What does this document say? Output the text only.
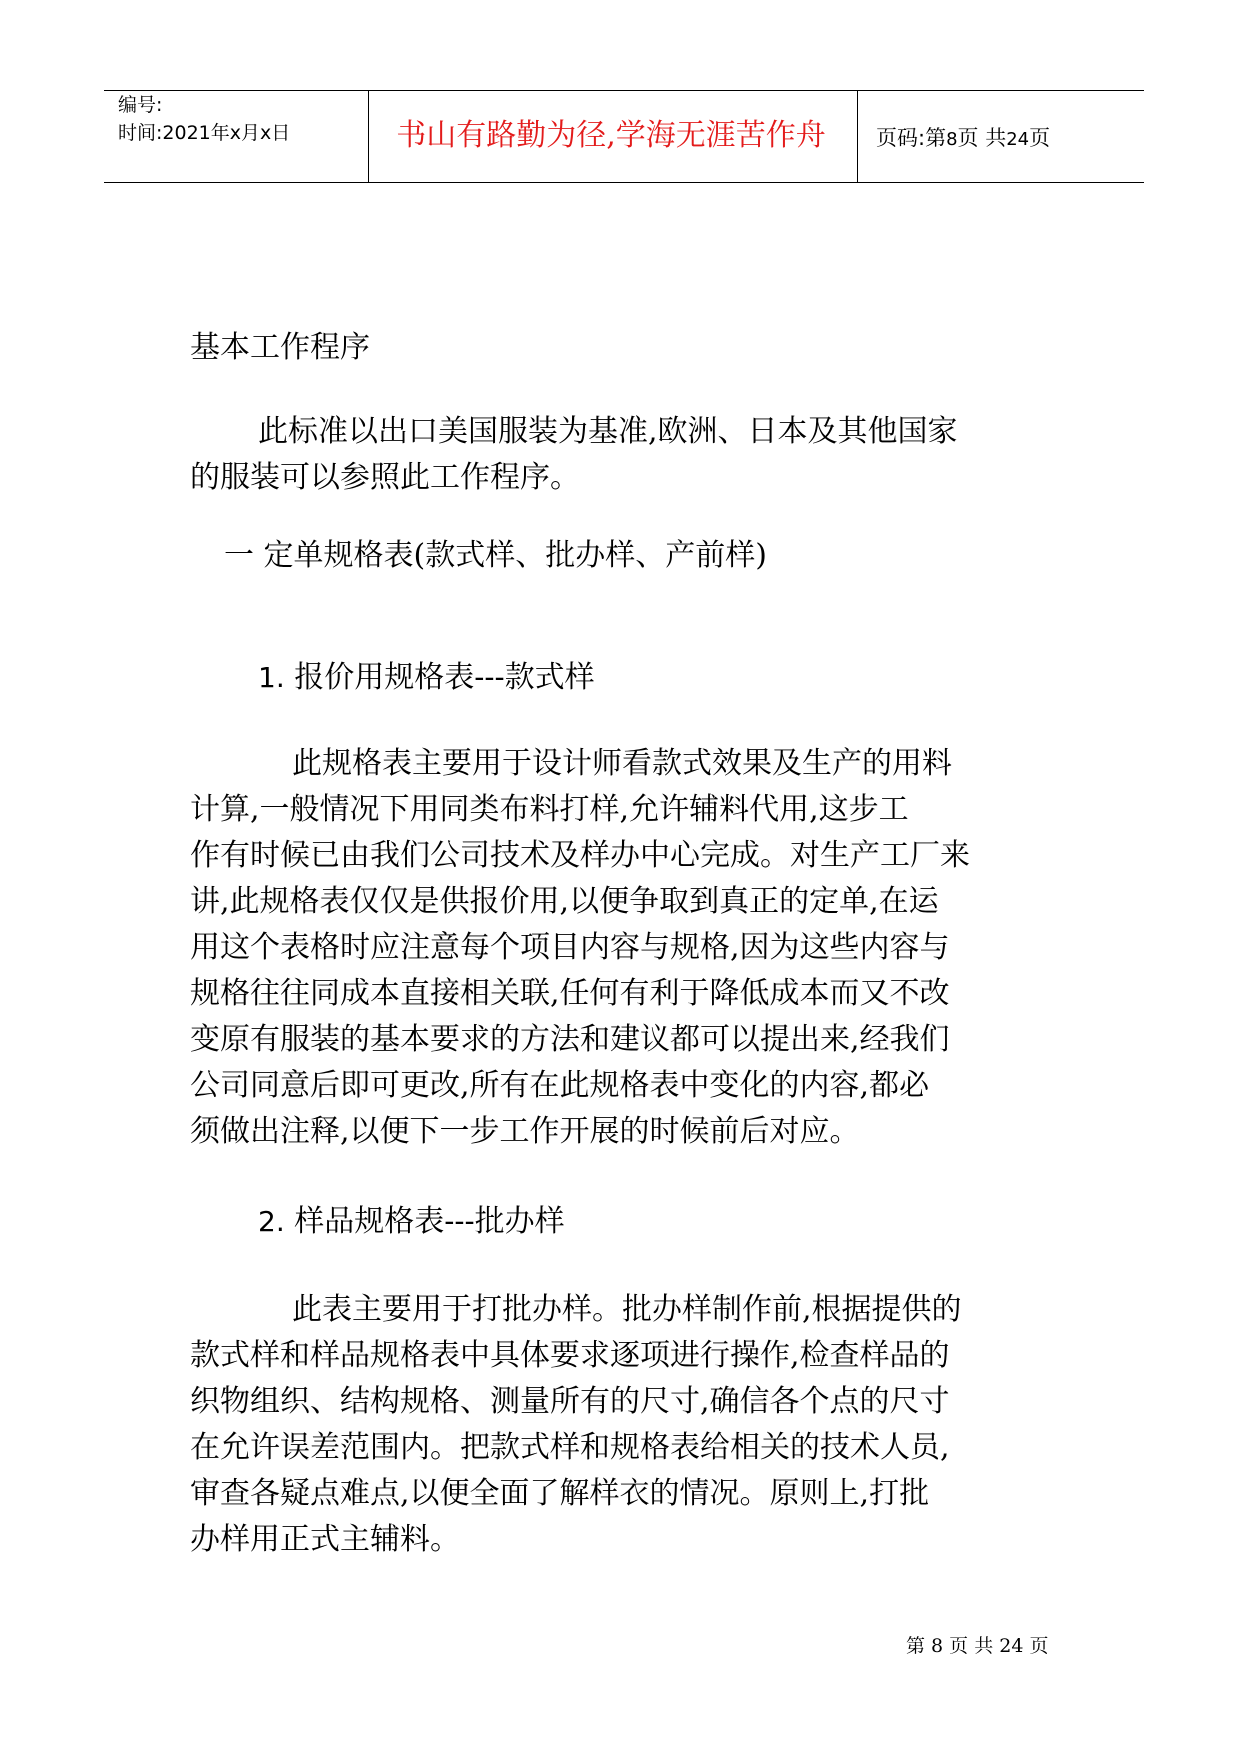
编号:
时间:2021年x月x日	书山有路勤为径,学海无涯苦作舟	页码:第8页 共24页
基本工作程序

此标准以出口美国服装为基准,欧洲、日本及其他国家
的服装可以参照此工作程序。

一 定单规格表(款式样、批办样、产前样)
1. 报价用规格表---款式样

此规格表主要用于设计师看款式效果及生产的用料
计算,一般情况下用同类布料打样,允许辅料代用,这步工
作有时候已由我们公司技术及样办中心完成。对生产工厂来
讲,此规格表仅仅是供报价用,以便争取到真正的定单,在运
用这个表格时应注意每个项目内容与规格,因为这些内容与
规格往往同成本直接相关联,任何有利于降低成本而又不改
变原有服装的基本要求的方法和建议都可以提出来,经我们
公司同意后即可更改,所有在此规格表中变化的内容,都必
须做出注释,以便下一步工作开展的时候前后对应。

2. 样品规格表---批办样

此表主要用于打批办样。批办样制作前,根据提供的
款式样和样品规格表中具体要求逐项进行操作,检查样品的
织物组织、结构规格、测量所有的尺寸,确信各个点的尺寸
在允许误差范围内。把款式样和规格表给相关的技术人员,
审查各疑点难点,以便全面了解样衣的情况。原则上,打批
办样用正式主辅料。

第 8 页 共 24 页
